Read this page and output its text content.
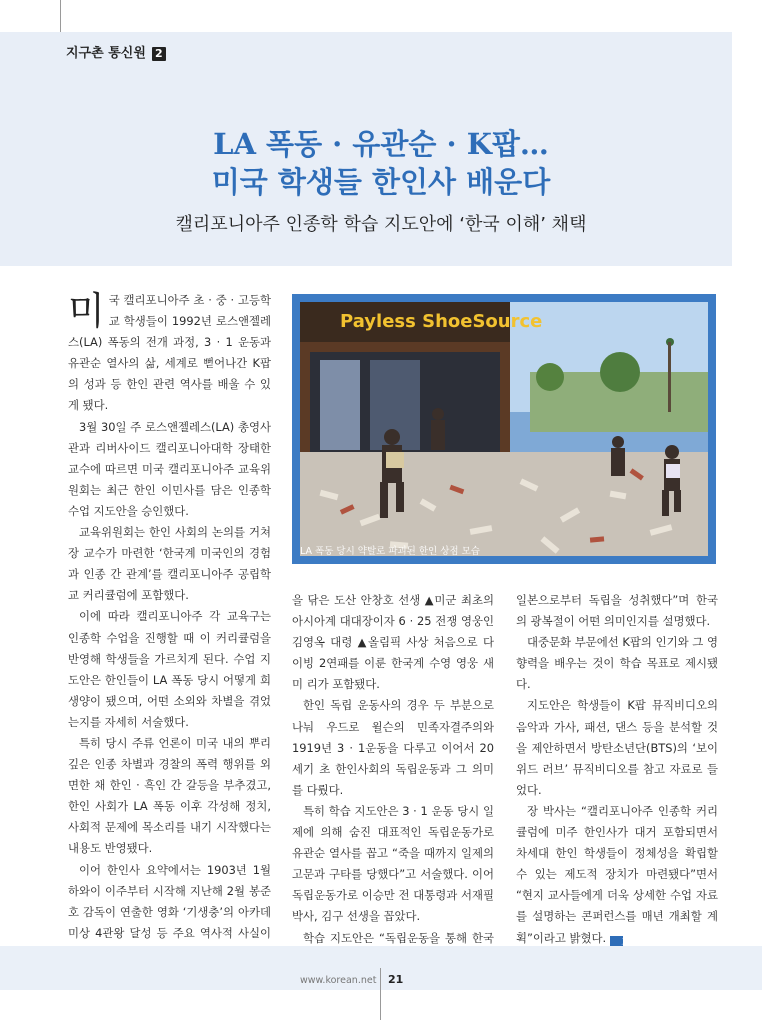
지구촌 통신원 2
LA 폭동 · 유관순 · K팝…
미국 학생들 한인사 배운다
캘리포니아주 인종학 학습 지도안에 ‘한국 이해’ 채택

미국 캘리포니아주 초 · 중 · 고등학교 학생들이 1992년 로스앤젤레스(LA) 폭동의 전개 과정, 3 · 1 운동과 유관순 열사의 삶, 세계로 뻗어나간 K팝의 성과 등 한인 관련 역사를 배울 수 있게 됐다.

3월 30일 주 로스앤젤레스(LA) 총영사관과 리버사이드 캘리포니아대학 장태한 교수에 따르면 미국 캘리포니아주 교육위원회는 최근 한인 이민사를 담은 인종학 수업 지도안을 승인했다.

교육위원회는 한인 사회의 논의를 거쳐 장 교수가 마련한 ‘한국계 미국인의 경험과 인종 간 관계’를 캘리포니아주 공립학교 커리큘럼에 포함했다.

이에 따라 캘리포니아주 각 교육구는 인종학 수업을 진행할 때 이 커리큘럼을 반영해 학생들을 가르치게 된다. 수업 지도안은 한인들이 LA 폭동 당시 어떻게 희생양이 됐으며, 어떤 소외와 차별을 겪었는지를 자세히 서술했다.

특히 당시 주류 언론이 미국 내의 뿌리 깊은 인종 차별과 경찰의 폭력 행위를 외면한 채 한인 · 흑인 간 갈등을 부추겼고, 한인 사회가 LA 폭동 이후 각성해 정치, 사회적 문제에 목소리를 내기 시작했다는 내용도 반영됐다.

이어 한인사 요약에서는 1903년 1월 하와이 이주부터 시작해 지난해 2월 봉준호 감독이 연출한 영화 ‘기생충’의 아카데미상 4관왕 달성 등 주요 역사적 사실이

Payless ShoeSource
LA 폭동 당시 약탈로 파괴된 한인 상점 모습

을 닦은 도산 안창호 선생 ▲미군 최초의 아시아계 대대장이자 6 · 25 전쟁 영웅인 김영옥 대령 ▲올림픽 사상 처음으로 다이빙 2연패를 이룬 한국계 수영 영웅 새미 리가 포함됐다.

한인 독립 운동사의 경우 두 부분으로 나눠 우드로 윌슨의 민족자결주의와 1919년 3 · 1운동을 다루고 이어서 20세기 초 한인사회의 독립운동과 그 의미를 다뤘다.

특히 학습 지도안은 3 · 1 운동 당시 일제에 의해 숨진 대표적인 독립운동가로 유관순 열사를 꼽고 “죽을 때까지 일제의 고문과 구타를 당했다”고 서술했다. 이어 독립운동가로 이승만 전 대통령과 서재필 박사, 김구 선생을 꼽았다.

학습 지도안은 “독립운동을 통해 한국

일본으로부터 독립을 성취했다”며 한국의 광복절이 어떤 의미인지를 설명했다.

대중문화 부문에선 K팝의 인기와 그 영향력을 배우는 것이 학습 목표로 제시됐다.

지도안은 학생들이 K팝 뮤직비디오의 음악과 가사, 패션, 댄스 등을 분석할 것을 제안하면서 방탄소년단(BTS)의 ‘보이 위드 러브’ 뮤직비디오를 참고 자료로 들었다.

장 박사는 “캘리포니아주 인종학 커리큘럼에 미주 한인사가 대거 포함되면서 차세대 한인 학생들이 정체성을 확립할 수 있는 제도적 장치가 마련됐다”면서 “현지 교사들에게 더욱 상세한 수업 자료를 설명하는 콘퍼런스를 매년 개최할 계획”이라고 밝혔다. 力

www.korean.net 21
